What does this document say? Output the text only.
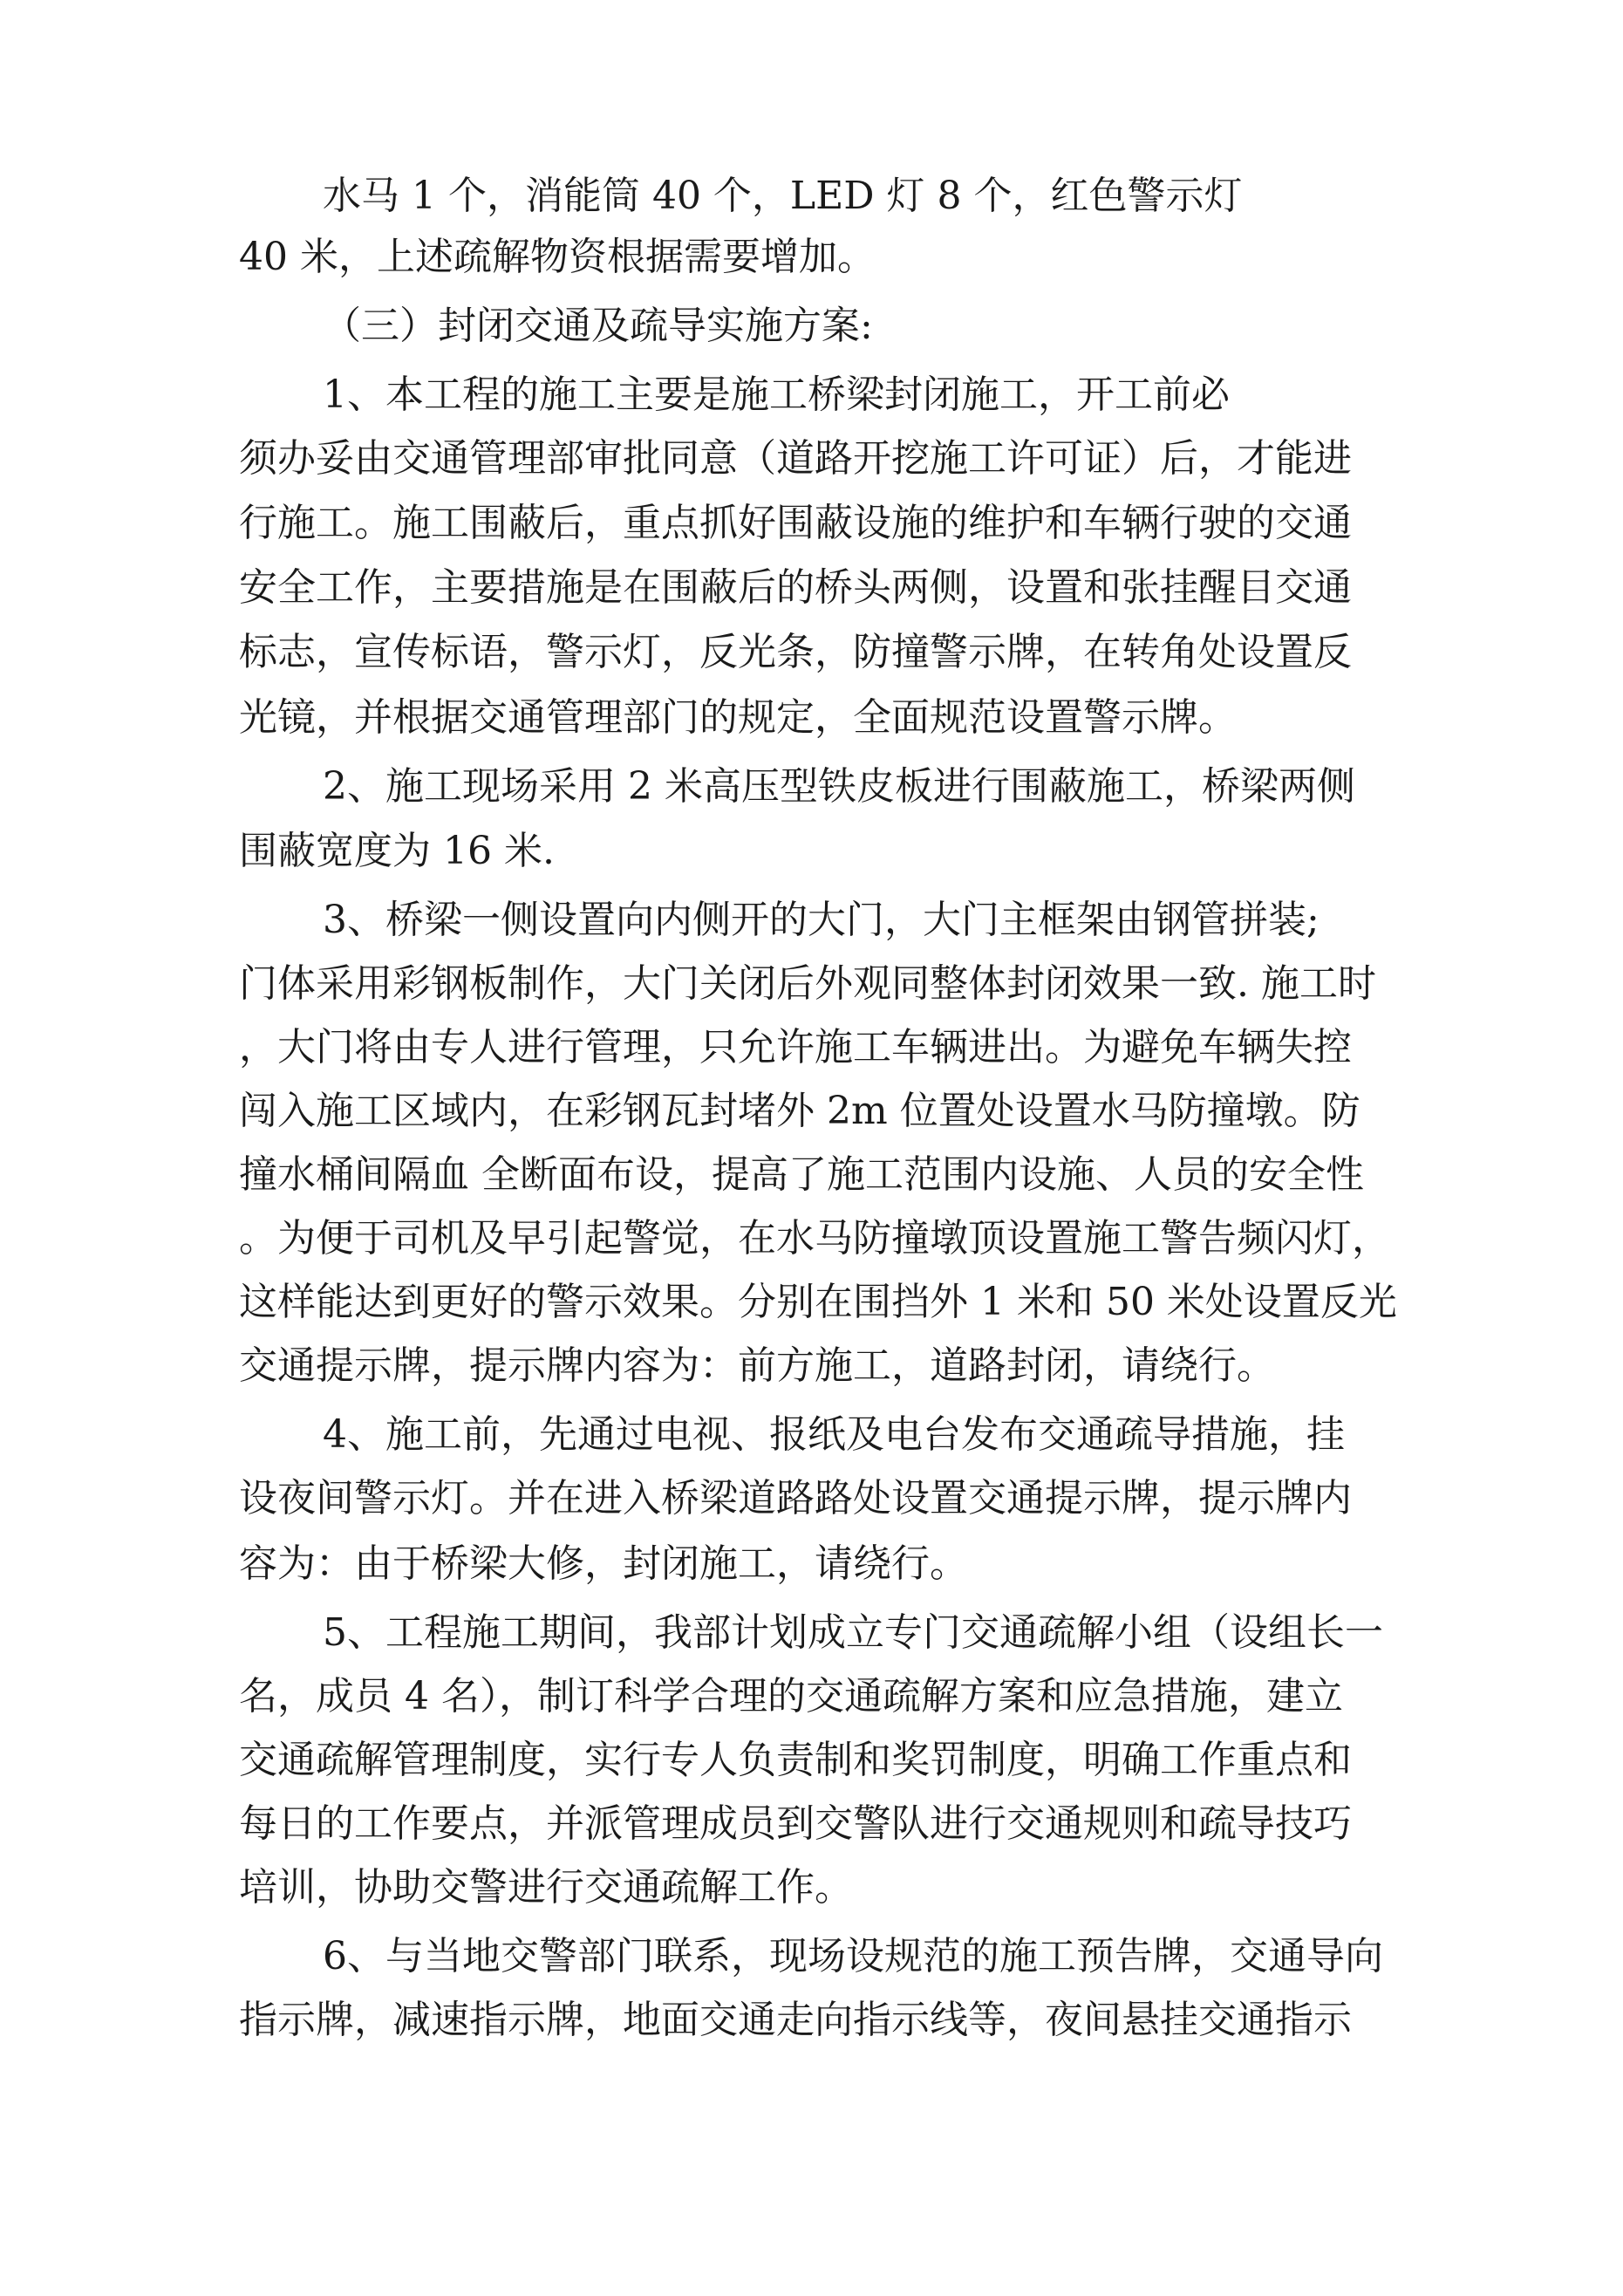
水马 1 个，消能筒 40 个，LED 灯 8 个，红色警示灯
40 米，上述疏解物资根据需要增加。
（三）封闭交通及疏导实施方案:
1、本工程的施工主要是施工桥梁封闭施工，开工前必
须办妥由交通管理部审批同意（道路开挖施工许可证）后，才能进
行施工。施工围蔽后，重点抓好围蔽设施的维护和车辆行驶的交通
安全工作，主要措施是在围蔽后的桥头两侧，设置和张挂醒目交通
标志，宣传标语，警示灯，反光条，防撞警示牌，在转角处设置反
光镜，并根据交通管理部门的规定，全面规范设置警示牌。
2、施工现场采用 2 米高压型铁皮板进行围蔽施工，桥梁两侧
围蔽宽度为 16 米.
3、桥梁一侧设置向内侧开的大门，大门主框架由钢管拼装;
门体采用彩钢板制作，大门关闭后外观同整体封闭效果一致. 施工时
，大门将由专人进行管理，只允许施工车辆进出。为避免车辆失控
闯入施工区域内，在彩钢瓦封堵外 2m 位置处设置水马防撞墩。防
撞水桶间隔血 全断面布设，提高了施工范围内设施、人员的安全性
。为便于司机及早引起警觉，在水马防撞墩顶设置施工警告频闪灯，
这样能达到更好的警示效果。分别在围挡外 1 米和 50 米处设置反光
交通提示牌，提示牌内容为：前方施工，道路封闭，请绕行。
4、施工前，先通过电视、报纸及电台发布交通疏导措施，挂
设夜间警示灯。并在进入桥梁道路路处设置交通提示牌，提示牌内
容为：由于桥梁大修，封闭施工，请绕行。
5、工程施工期间，我部计划成立专门交通疏解小组（设组长一
名，成员 4 名），制订科学合理的交通疏解方案和应急措施，建立
交通疏解管理制度，实行专人负责制和奖罚制度，明确工作重点和
每日的工作要点，并派管理成员到交警队进行交通规则和疏导技巧
培训，协助交警进行交通疏解工作。
6、与当地交警部门联系，现场设规范的施工预告牌，交通导向
指示牌，减速指示牌，地面交通走向指示线等，夜间悬挂交通指示
